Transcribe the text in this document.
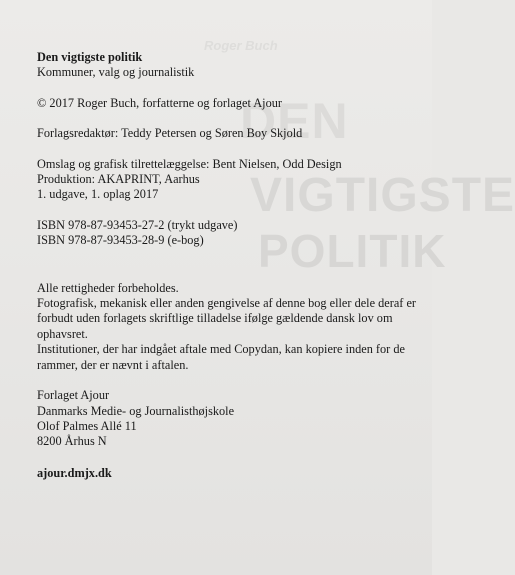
Roger Buch
DEN
VIGTIGSTE
POLITIK

Den vigtigste politik

Kommuner, valg og journalistik

© 2017 Roger Buch, forfatterne og forlaget Ajour

Forlagsredaktør: Teddy Petersen og Søren Boy Skjold

Omslag og grafisk tilrettelæggelse: Bent Nielsen, Odd Design

Produktion: AKAPRINT, Aarhus

1. udgave, 1. oplag 2017

ISBN 978-87-93453-27-2 (trykt udgave)

ISBN 978-87-93453-28-9 (e-bog)

Alle rettigheder forbeholdes.

Fotografisk, mekanisk eller anden gengivelse af denne bog eller dele deraf er forbudt uden forlagets skriftlige tilladelse ifølge gældende dansk lov om ophavsret.

Institutioner, der har indgået aftale med Copydan, kan kopiere inden for de rammer, der er nævnt i aftalen.

Forlaget Ajour

Danmarks Medie- og Journalisthøjskole

Olof Palmes Allé 11

8200 Århus N

ajour.dmjx.dk
